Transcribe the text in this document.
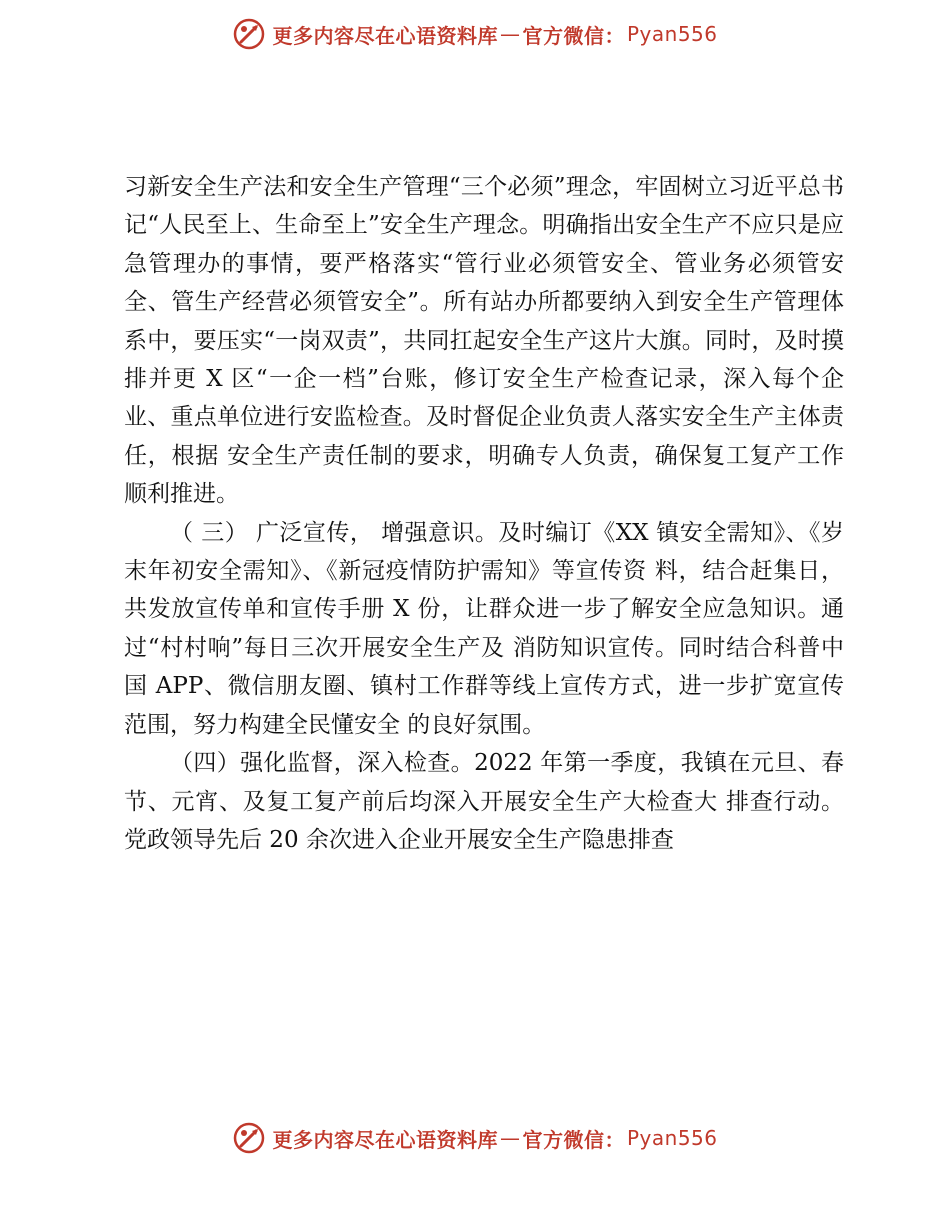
更多内容尽在心语资料库 — 官方微信： Pyan556

习新安全生产法和安全生产管理“三个必须”理念，牢固树立习近平总书记“人民至上、生命至上”安全生产理念。明确指出安全生产不应只是应急管理办的事情，要严格落实“管行业必须管安全、管业务必须管安全、管生产经营必须管安全”。所有站办所都要纳入到安全生产管理体系中，要压实“一岗双责”，共同扛起安全生产这片大旗。同时，及时摸排并更 X 区“一企一档”台账，修订安全生产检查记录，深入每个企业、重点单位进行安监检查。及时督促企业负责人落实安全生产主体责任，根据 安全生产责任制的要求，明确专人负责，确保复工复产工作顺利推进。

（ 三） 广泛宣传， 增强意识。及时编订《XX 镇安全需知》、《岁末年初安全需知》、《新冠疫情防护需知》等宣传资 料，结合赶集日，共发放宣传单和宣传手册 X 份，让群众进一步了解安全应急知识。通过“村村响”每日三次开展安全生产及 消防知识宣传。同时结合科普中国 APP、微信朋友圈、镇村工作群等线上宣传方式，进一步扩宽宣传范围，努力构建全民懂安全 的良好氛围。

（四）强化监督，深入检查。2022 年第一季度，我镇在元旦、春节、元宵、及复工复产前后均深入开展安全生产大检查大 排查行动。党政领导先后 20 余次进入企业开展安全生产隐患排查

更多内容尽在心语资料库 — 官方微信： Pyan556
